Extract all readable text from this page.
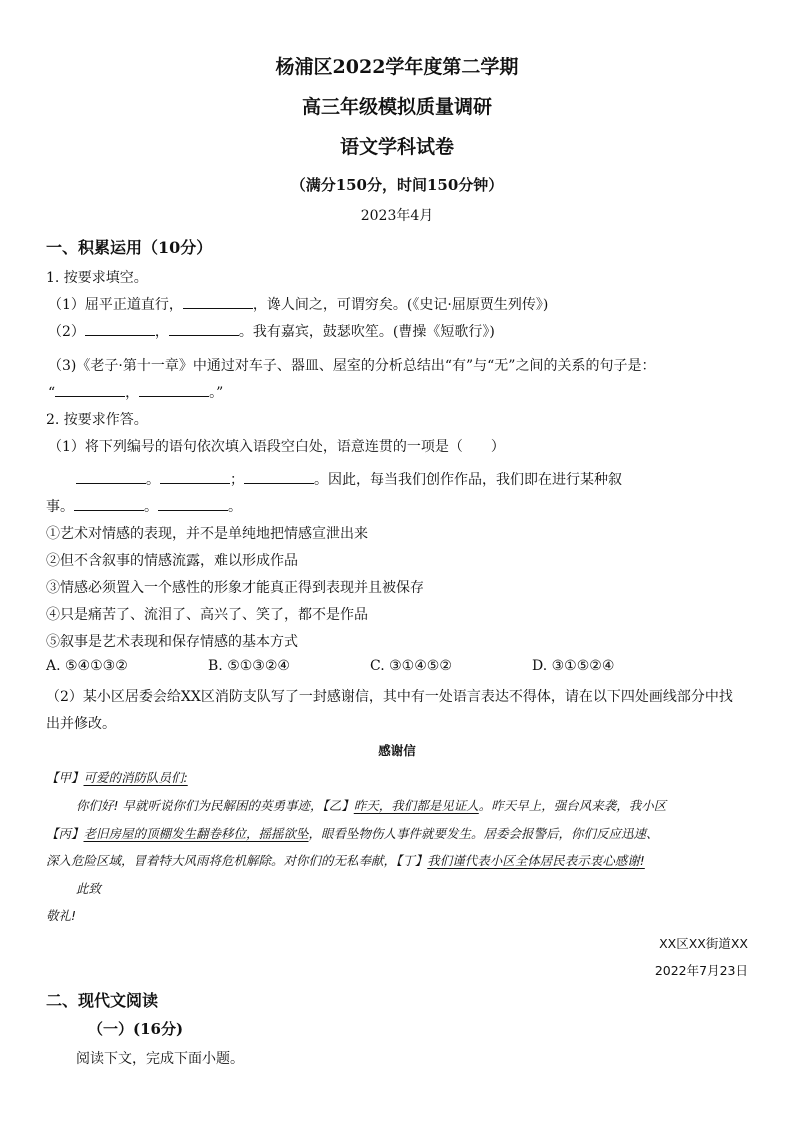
杨浦区2022学年度第二学期
高三年级模拟质量调研
语文学科试卷
（满分150分，时间150分钟）
2023年4月
一、积累运用（10分）
1. 按要求填空。
（1）屈平正道直行，	，谗人间之，可谓穷矣。(《史记·屈原贾生列传》)
（2）	，	。我有嘉宾，鼓瑟吹笙。(曹操《短歌行》)
（3)《老子·第十一章》中通过对车子、器皿、屋室的分析总结出“有”与“无”之间的关系的句子是：
“	，	。”
2. 按要求作答。
（1）将下列编号的语句依次填入语段空白处，语意连贯的一项是（　　）
。	；	。因此，每当我们创作作品，我们即在进行某种叙
事。	。	。
①艺术对情感的表现，并不是单纯地把情感宣泄出来
②但不含叙事的情感流露，难以形成作品
③情感必须置入一个感性的形象才能真正得到表现并且被保存
④只是痛苦了、流泪了、高兴了、笑了，都不是作品
⑤叙事是艺术表现和保存情感的基本方式
A. ⑤④①③②	B. ⑤①③②④	C. ③①④⑤②	D. ③①⑤②④
（2）某小区居委会给XX区消防支队写了一封感谢信，其中有一处语言表达不得体，请在以下四处画线部分中找
出并修改。
感谢信
【甲】可爱的消防队员们:
你们好! 早就听说你们为民解困的英勇事迹，【乙】昨天，我们都是见证人。昨天早上，强台风来袭，我小区
【丙】老旧房屋的顶棚发生翻卷移位，摇摇欲坠，眼看坠物伤人事件就要发生。居委会报警后，你们反应迅速、
深入危险区域，冒着特大风雨将危机解除。对你们的无私奉献，【丁】我们谨代表小区全体居民表示衷心感谢!
此致
敬礼!
XX区XX街道XX
2022年7月23日
二、现代文阅读
（一）(16分)
阅读下文，完成下面小题。
